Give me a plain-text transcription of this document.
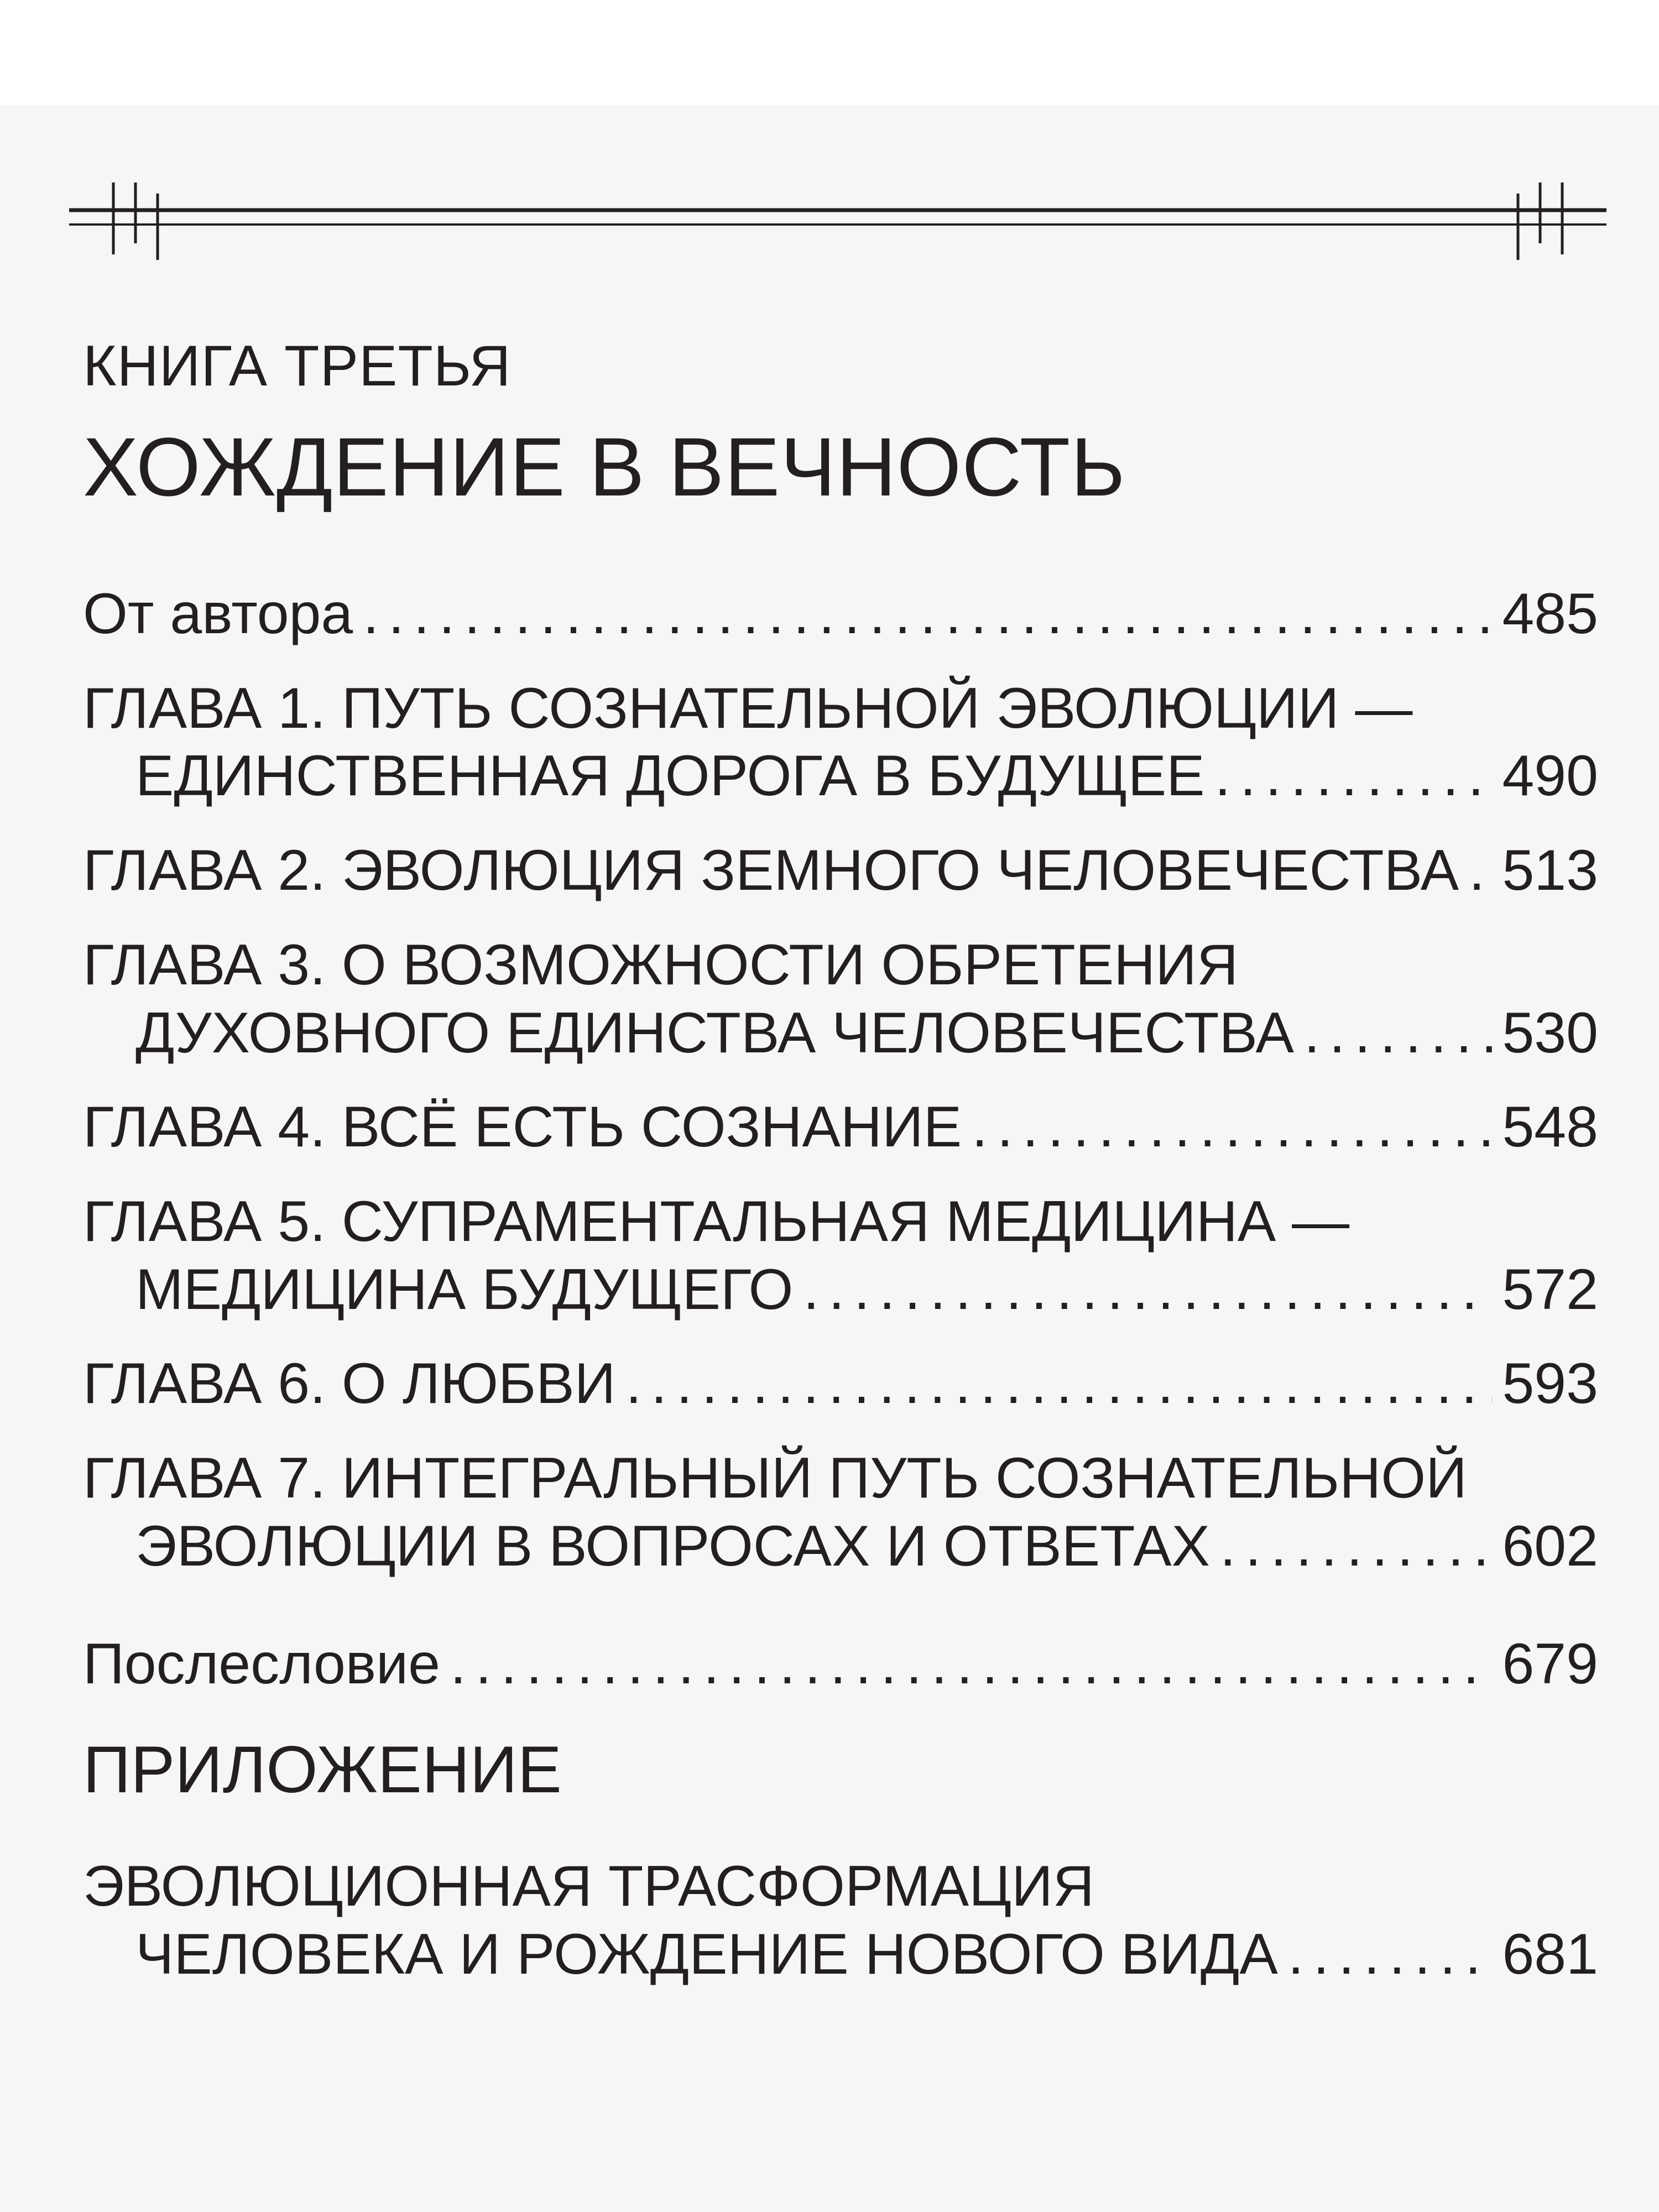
КНИГА ТРЕТЬЯ
ХОЖДЕНИЕ В ВЕЧНОСТЬ
От автора . . .	485
ГЛАВА 1. ПУТЬ СОЗНАТЕЛЬНОЙ ЭВОЛЮЦИИ —
ЕДИНСТВЕННАЯ ДОРОГА В БУДУЩЕЕ . . .	490
ГЛАВА 2. ЭВОЛЮЦИЯ ЗЕМНОГО ЧЕЛОВЕЧЕСТВА . . . 513
ГЛАВА 3. О ВОЗМОЖНОСТИ ОБРЕТЕНИЯ
ДУХОВНОГО ЕДИНСТВА ЧЕЛОВЕЧЕСТВА . . .	530
ГЛАВА 4. ВСЁ ЕСТЬ СОЗНАНИЕ . . .	548
ГЛАВА 5. СУПРАМЕНТАЛЬНАЯ МЕДИЦИНА —
МЕДИЦИНА БУДУЩЕГО . . .	572
ГЛАВА 6. О ЛЮБВИ . . .	593
ГЛАВА 7. ИНТЕГРАЛЬНЫЙ ПУТЬ СОЗНАТЕЛЬНОЙ
ЭВОЛЮЦИИ В ВОПРОСАХ И ОТВЕТАХ . . .	602
Послесловие . . .	679
ПРИЛОЖЕНИЕ
ЭВОЛЮЦИОННАЯ ТРАСФОРМАЦИЯ
ЧЕЛОВЕКА И РОЖДЕНИЕ НОВОГО ВИДА . . .	681
